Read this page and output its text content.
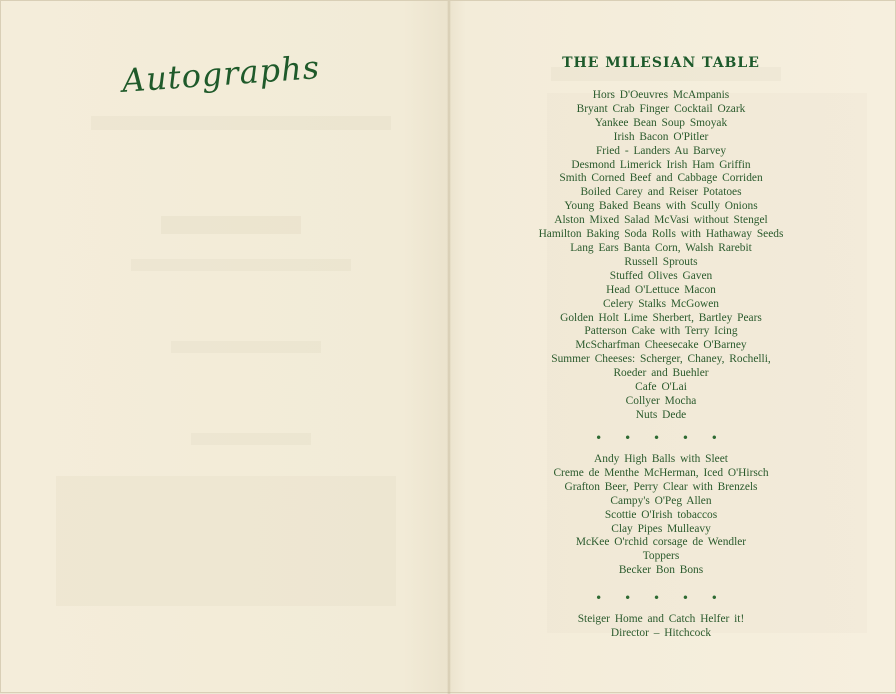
Autographs	THE MILESIAN TABLE
Hors D'Oeuvres McAmpanis
Bryant Crab Finger Cocktail Ozark
Yankee Bean Soup Smoyak
Irish Bacon O'Pitler
Fried - Landers Au Barvey
Desmond Limerick Irish Ham Griffin
Smith Corned Beef and Cabbage Corriden
Boiled Carey and Reiser Potatoes
Young Baked Beans with Scully Onions
Alston Mixed Salad McVasi without Stengel
Hamilton Baking Soda Rolls with Hathaway Seeds
Lang Ears Banta Corn, Walsh Rarebit
Russell Sprouts
Stuffed Olives Gaven
Head O'Lettuce Macon
Celery Stalks McGowen
Golden Holt Lime Sherbert, Bartley Pears
Patterson Cake with Terry Icing
McScharfman Cheesecake O'Barney
Summer Cheeses: Scherger, Chaney, Rochelli,
Roeder and Buehler
Cafe O'Lai
Collyer Mocha
Nuts Dede
• • • • •
Andy High Balls with Sleet
Creme de Menthe McHerman, Iced O'Hirsch
Grafton Beer, Perry Clear with Brenzels
Campy's O'Peg Allen
Scottie O'Irish tobaccos
Clay Pipes Mulleavy
McKee O'rchid corsage de Wendler
Toppers
Becker Bon Bons
• • • • •
Steiger Home and Catch Helfer it!
Director – Hitchcock
